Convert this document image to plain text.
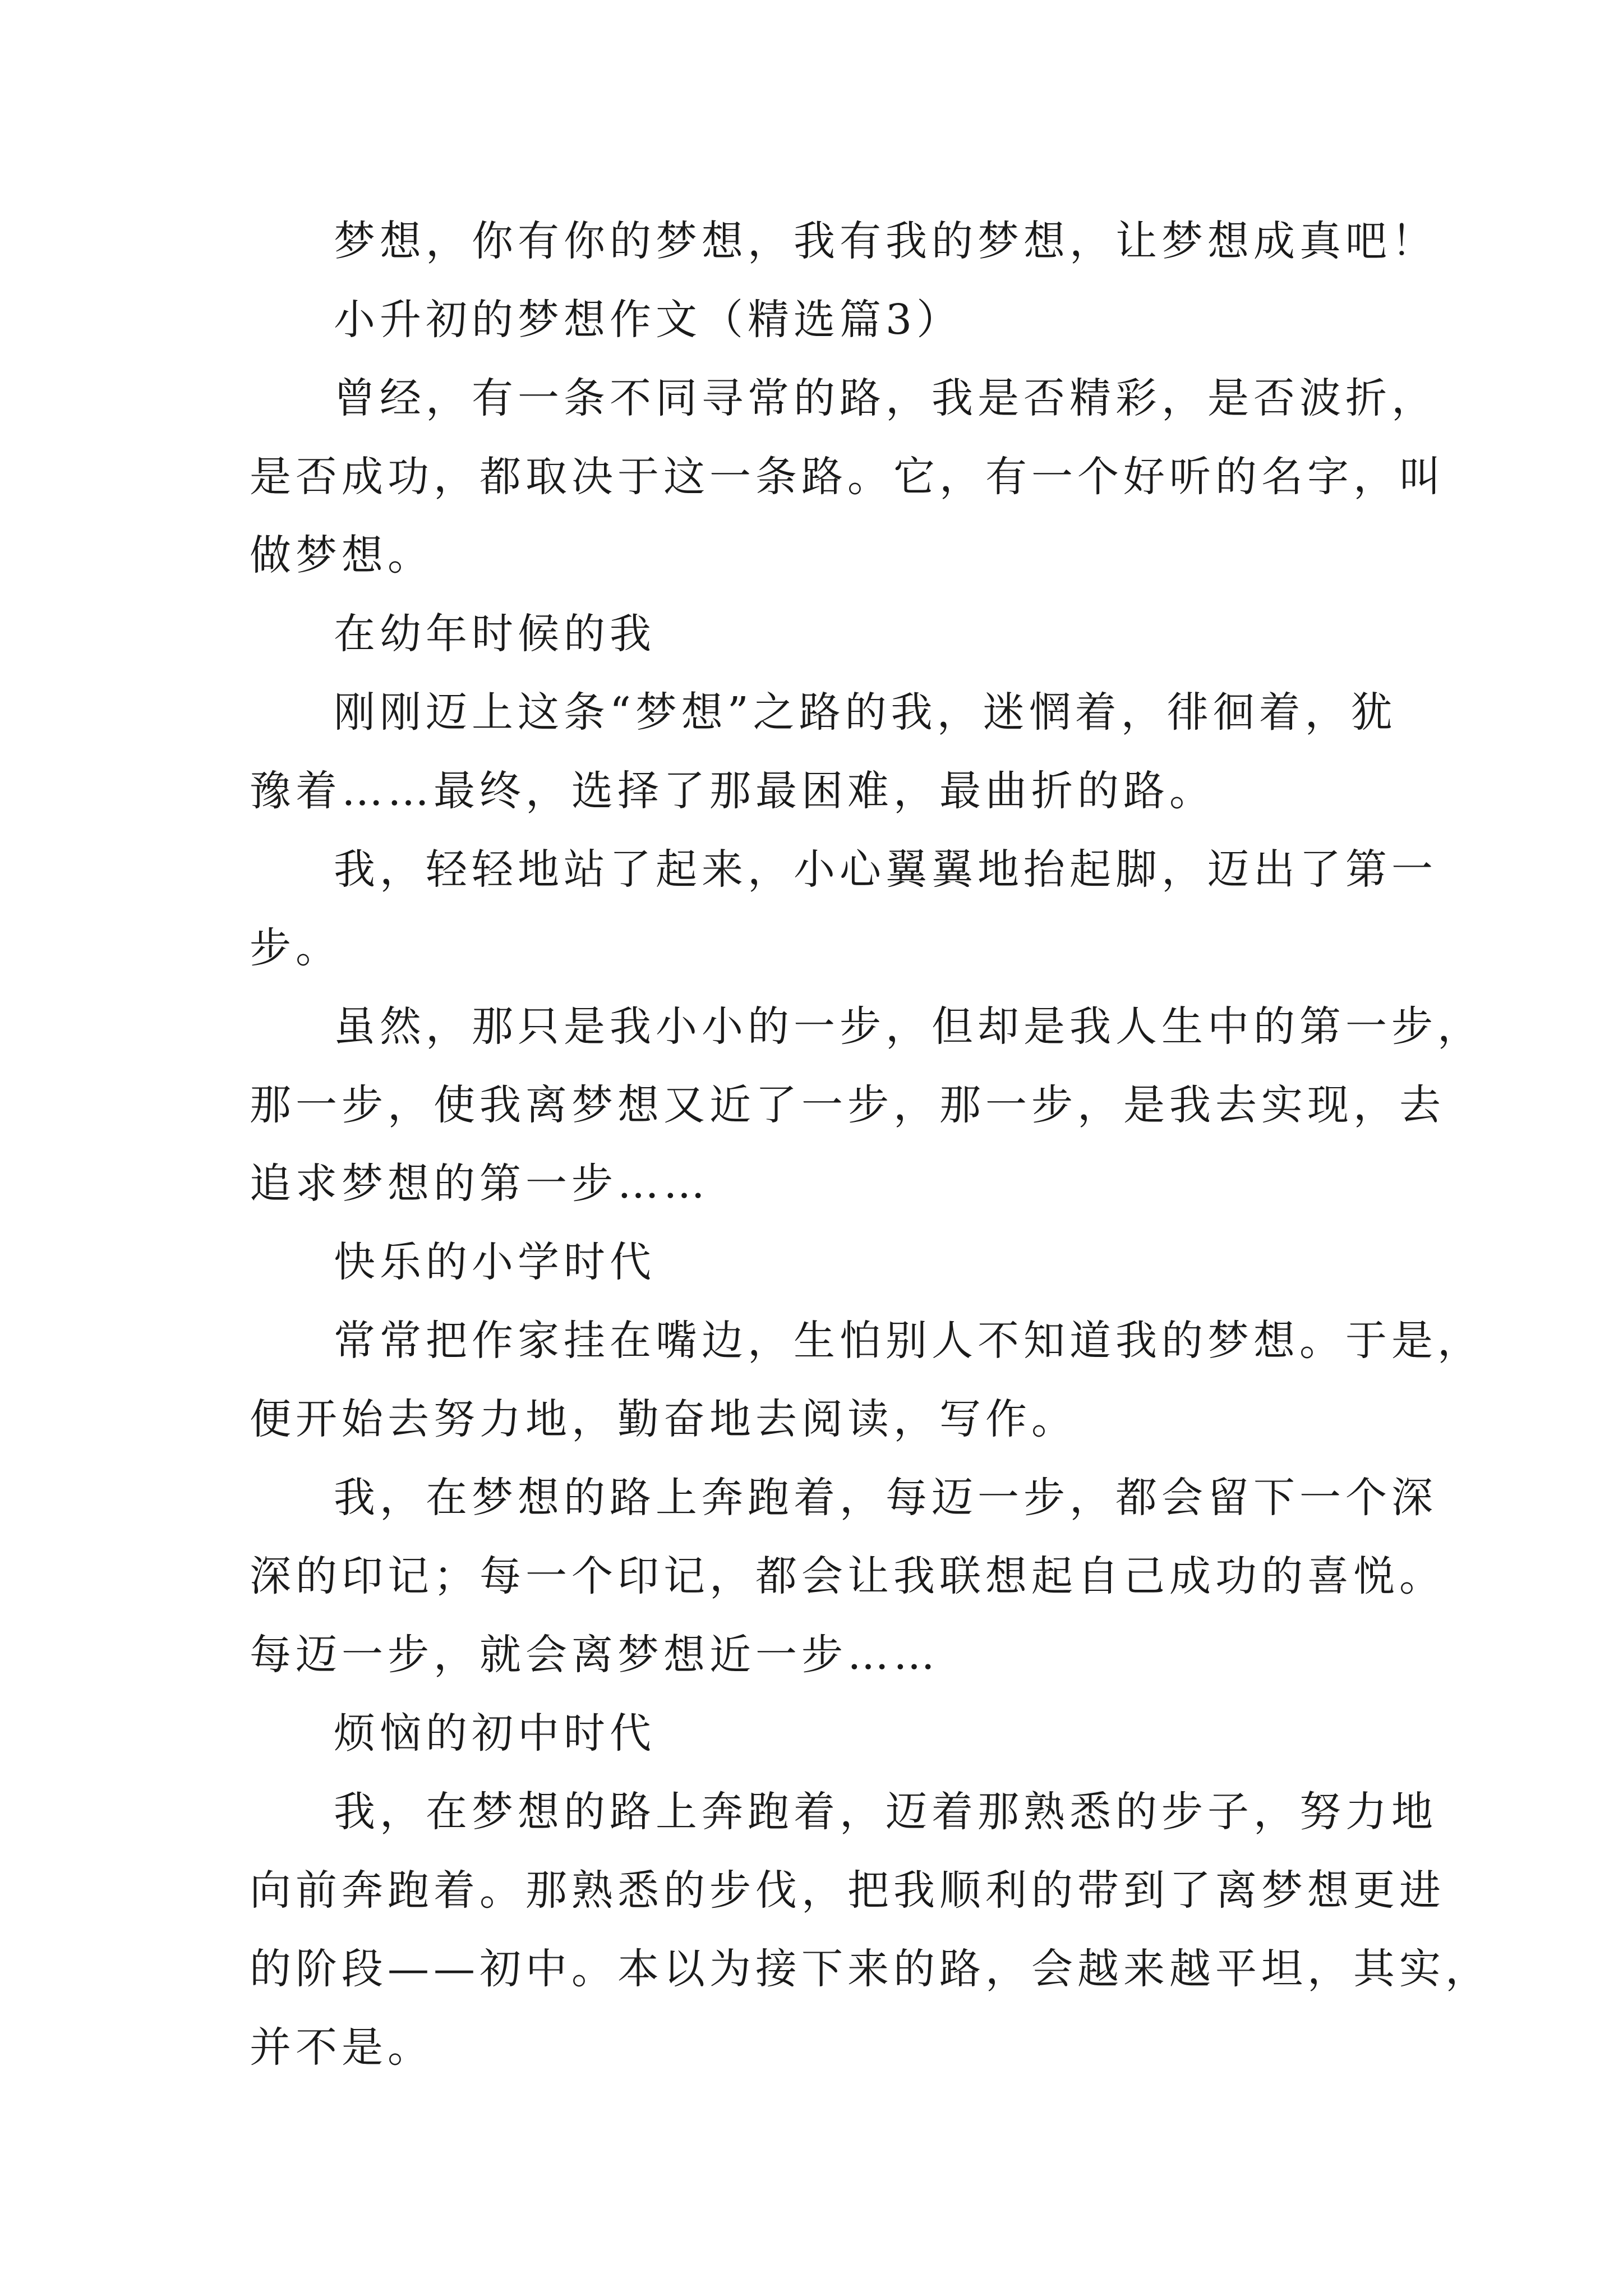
梦想，你有你的梦想，我有我的梦想，让梦想成真吧！
小升初的梦想作文（精选篇3）
曾经，有一条不同寻常的路，我是否精彩，是否波折，
是否成功，都取决于这一条路。它，有一个好听的名字，叫
做梦想。
在幼年时候的我
刚刚迈上这条“梦想”之路的我，迷惘着，徘徊着，犹
豫着……最终，选择了那最困难，最曲折的路。
我，轻轻地站了起来，小心翼翼地抬起脚，迈出了第一
步。
虽然，那只是我小小的一步，但却是我人生中的第一步，
那一步，使我离梦想又近了一步，那一步，是我去实现，去
追求梦想的第一步……
快乐的小学时代
常常把作家挂在嘴边，生怕别人不知道我的梦想。于是，
便开始去努力地，勤奋地去阅读，写作。
我，在梦想的路上奔跑着，每迈一步，都会留下一个深
深的印记；每一个印记，都会让我联想起自己成功的喜悦。
每迈一步，就会离梦想近一步……
烦恼的初中时代
我，在梦想的路上奔跑着，迈着那熟悉的步子，努力地
向前奔跑着。那熟悉的步伐，把我顺利的带到了离梦想更进
的阶段——初中。本以为接下来的路，会越来越平坦，其实，
并不是。
